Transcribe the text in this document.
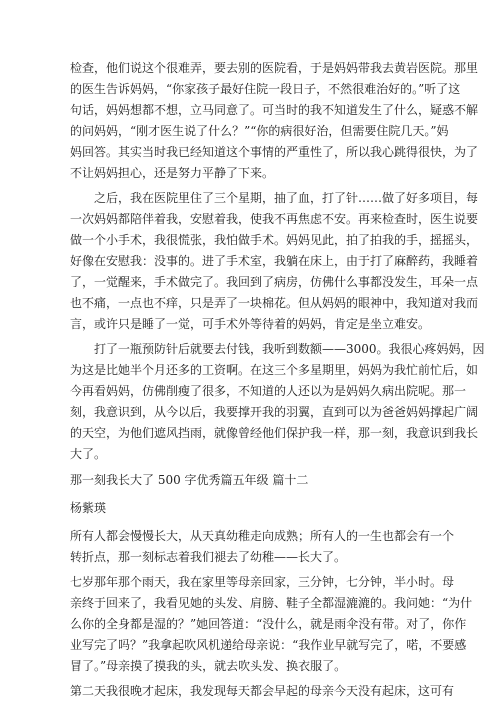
检查，他们说这个很难弄，要去别的医院看，于是妈妈带我去黄岩医院。那里
的医生告诉妈妈，“你家孩子最好住院一段日子，不然很难治好的。”听了这
句话，妈妈想都不想，立马同意了。可当时的我不知道发生了什么，疑惑不解
的问妈妈，“刚才医生说了什么？”“你的病很好治，但需要住院几天。”妈
妈回答。其实当时我已经知道这个事情的严重性了，所以我心跳得很快，为了
不让妈妈担心，还是努力平静了下来。
　　之后，我在医院里住了三个星期，抽了血，打了针……做了好多项目，每
一次妈妈都陪伴着我，安慰着我，使我不再焦虑不安。再来检查时，医生说要
做一个小手术，我很慌张，我怕做手术。妈妈见此，拍了拍我的手，摇摇头，
好像在安慰我：没事的。进了手术室，我躺在床上，由于打了麻醉药，我睡着
了，一觉醒来，手术做完了。我回到了病房，仿佛什么事都没发生，耳朵一点
也不痛，一点也不痒，只是弄了一块棉花。但从妈妈的眼神中，我知道对我而
言，或许只是睡了一觉，可手术外等待着的妈妈，肯定是坐立难安。
　　打了一瓶预防针后就要去付钱，我听到数额——3000。我很心疼妈妈，因
为这是比她半个月还多的工资啊。在这三个多星期里，妈妈为我忙前忙后，如
今再看妈妈，仿佛削瘦了很多，不知道的人还以为是妈妈久病出院呢。那一
刻，我意识到，从今以后，我要撑开我的羽翼，直到可以为爸爸妈妈撑起广阔
的天空，为他们遮风挡雨，就像曾经他们保护我一样，那一刻，我意识到我长
大了。
那一刻我长大了 500 字优秀篇五年级 篇十二
杨紫瑛
所有人都会慢慢长大，从天真幼稚走向成熟；所有人的一生也都会有一个
转折点，那一刻标志着我们褪去了幼稚——长大了。
七岁那年那个雨天，我在家里等母亲回家，三分钟，七分钟，半小时。母
亲终于回来了，我看见她的头发、肩膀、鞋子全都湿漉漉的。我问她：“为什
么你的全身都是湿的？”她回答道：“没什么，就是雨伞没有带。对了，你作
业写完了吗？”我拿起吹风机递给母亲说：“我作业早就写完了，喏，不要感
冒了。”母亲摸了摸我的头，就去吹头发、换衣服了。
第二天我很晚才起床，我发现每天都会早起的母亲今天没有起床，这可有
